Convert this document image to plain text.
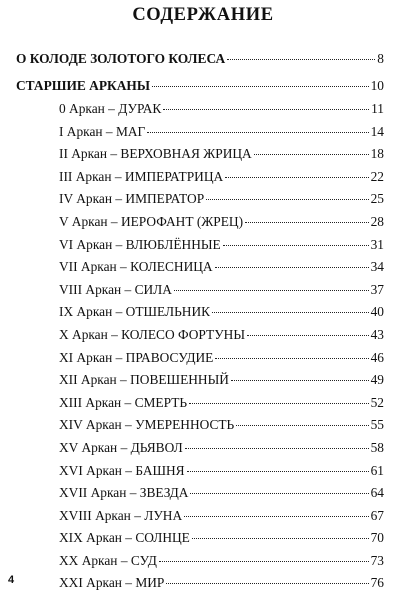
СОДЕРЖАНИЕ
О КОЛОДЕ ЗОЛОТОГО КОЛЕСА	8
СТАРШИЕ АРКАНЫ	10
0 Аркан – ДУРАК	11
I Аркан – МАГ	14
II Аркан – ВЕРХОВНАЯ ЖРИЦА	18
III Аркан – ИМПЕРАТРИЦА	22
IV Аркан – ИМПЕРАТОР	25
V Аркан – ИЕРОФАНТ (ЖРЕЦ)	28
VI Аркан – ВЛЮБЛЁННЫЕ	31
VII Аркан – КОЛЕСНИЦА	34
VIII Аркан – СИЛА	37
IX Аркан – ОТШЕЛЬНИК	40
X Аркан – КОЛЕСО ФОРТУНЫ	43
XI Аркан – ПРАВОСУДИЕ	46
XII Аркан – ПОВЕШЕННЫЙ	49
XIII Аркан – СМЕРТЬ	52
XIV Аркан – УМЕРЕННОСТЬ	55
XV Аркан – ДЬЯВОЛ	58
XVI Аркан – БАШНЯ	61
XVII Аркан – ЗВЕЗДА	64
XVIII Аркан – ЛУНА	67
XIX Аркан – СОЛНЦЕ	70
XX Аркан – СУД	73
XXI Аркан – МИР	76
4
